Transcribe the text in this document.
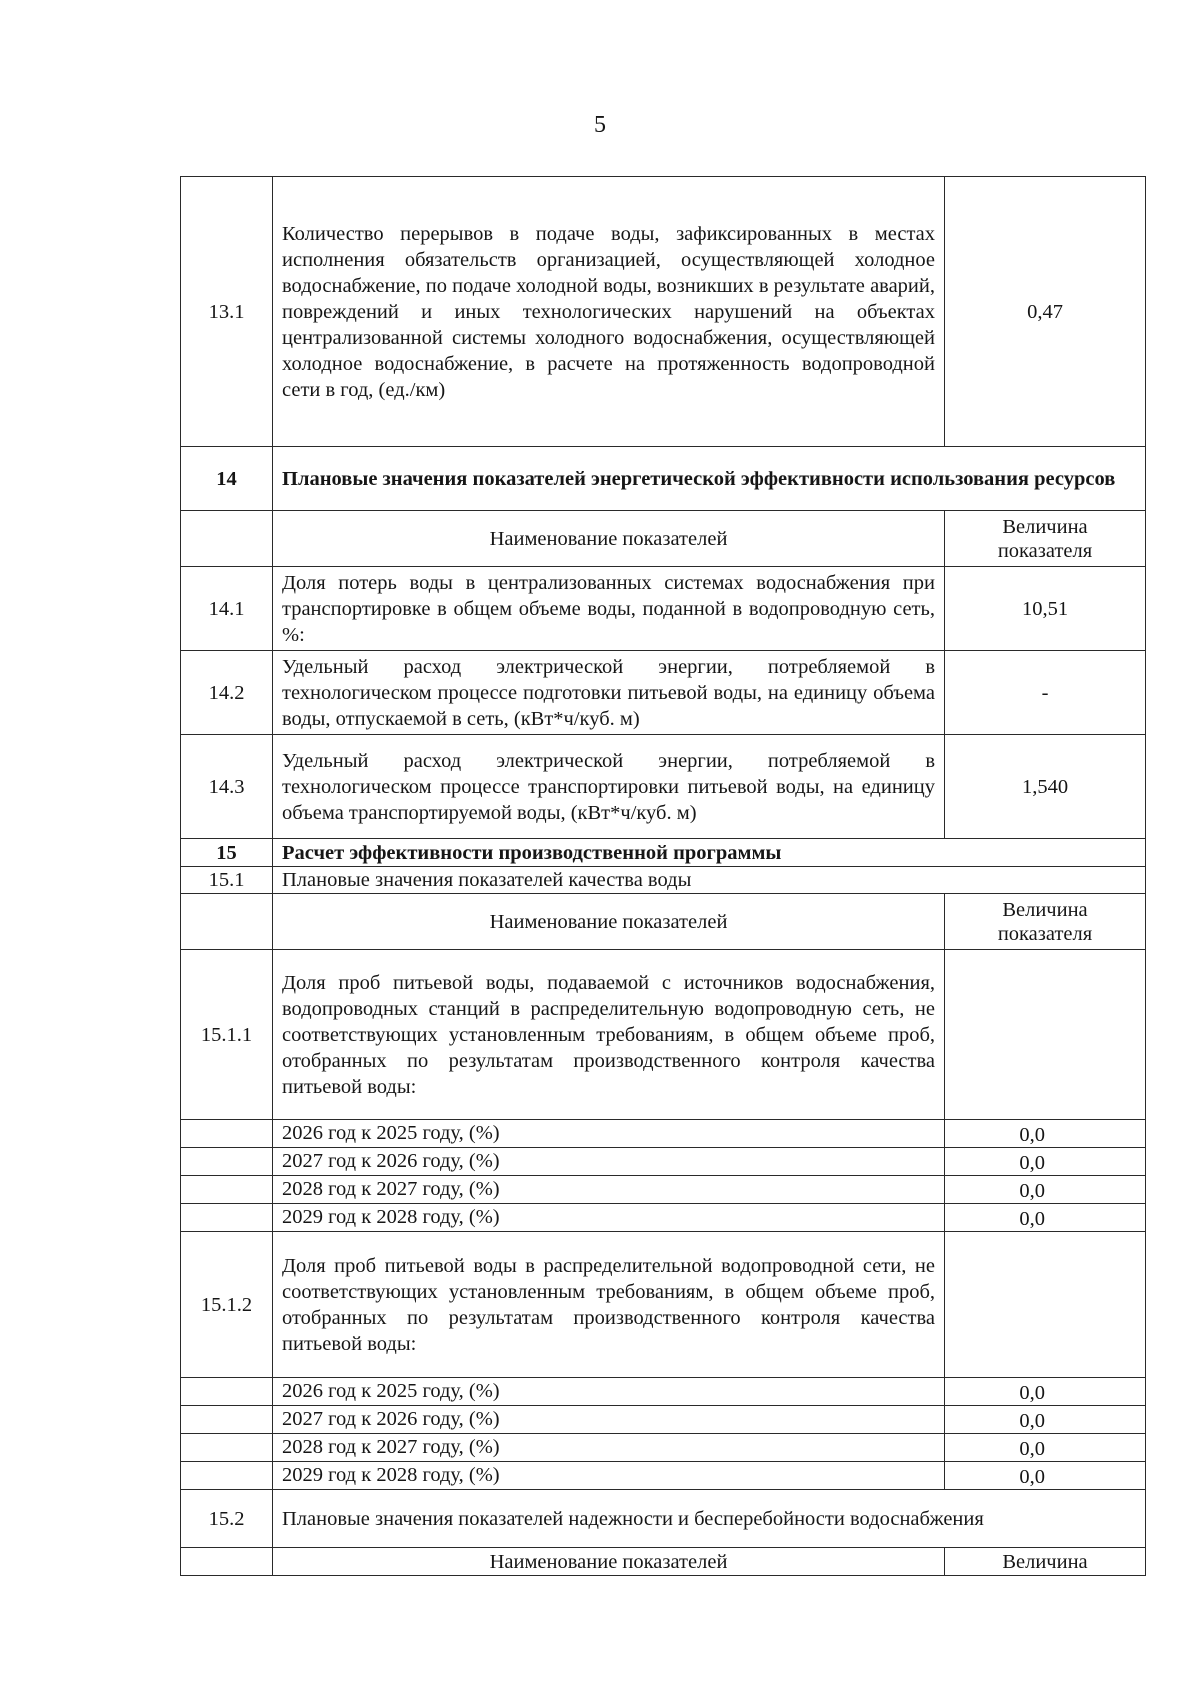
5
13.1	Количество перерывов в подаче воды, зафиксированных в местах исполнения обязательств организацией, осуществляющей холодное водоснабжение, по подаче холодной воды, возникших в результате аварий, повреждений и иных технологических нарушений на объектах централизованной системы холодного водоснабжения, осуществляющей холодное водоснабжение, в расчете на протяженность водопроводной сети в год, (ед./км)	0,47
14	Плановые значения показателей энергетической эффективности использования ресурсов	
	Наименование показателей	Величина показателя
14.1	Доля потерь воды в централизованных системах водоснабжения при транспортировке в общем объеме воды, поданной в водопроводную сеть, %:	10,51
14.2	Удельный расход электрической энергии, потребляемой в технологическом процессе подготовки питьевой воды, на единицу объема воды, отпускаемой в сеть, (кВт*ч/куб. м)	-
14.3	Удельный расход электрической энергии, потребляемой в технологическом процессе транспортировки питьевой воды, на единицу объема транспортируемой воды, (кВт*ч/куб. м)	1,540
15	Расчет эффективности производственной программы	
15.1	Плановые значения показателей качества воды	
	Наименование показателей	Величина показателя
15.1.1	Доля проб питьевой воды, подаваемой с источников водоснабжения, водопроводных станций в распределительную водопроводную сеть, не соответствующих установленным требованиям, в общем объеме проб, отобранных по результатам производственного контроля качества питьевой воды:	
	2026 год к 2025 году, (%)	0,0
	2027 год к 2026 году, (%)	0,0
	2028 год к 2027 году, (%)	0,0
	2029 год к 2028 году, (%)	0,0
15.1.2	Доля проб питьевой воды в распределительной водопроводной сети, не соответствующих установленным требованиям, в общем объеме проб, отобранных по результатам производственного контроля качества питьевой воды:	
	2026 год к 2025 году, (%)	0,0
	2027 год к 2026 году, (%)	0,0
	2028 год к 2027 году, (%)	0,0
	2029 год к 2028 году, (%)	0,0
15.2	Плановые значения показателей надежности и бесперебойности водоснабжения	
	Наименование показателей	Величина
